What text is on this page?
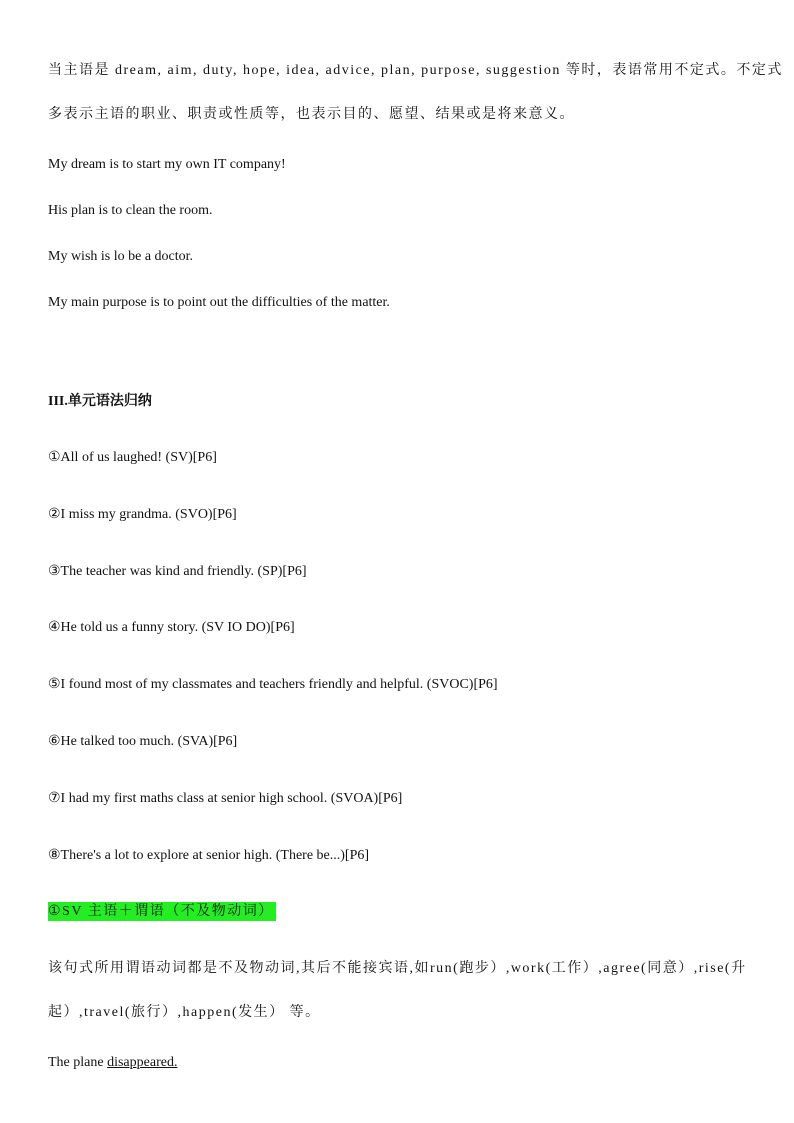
当主语是 dream, aim, duty, hope, idea, advice, plan, purpose, suggestion 等时，表语常用不定式。不定式
多表示主语的职业、职责或性质等，也表示目的、愿望、结果或是将来意义。
My dream is to start my own IT company!
His plan is to clean the room.
My wish is lo be a doctor.
My main purpose is to point out the difficulties of the matter.
III.单元语法归纳
①All of us laughed! (SV)[P6]
②I miss my grandma. (SVO)[P6]
③The teacher was kind and friendly. (SP)[P6]
④He told us a funny story. (SV IO DO)[P6]
⑤I found most of my classmates and teachers friendly and helpful. (SVOC)[P6]
⑥He talked too much. (SVA)[P6]
⑦I had my first maths class at senior high school. (SVOA)[P6]
⑧There's a lot to explore at senior high. (There be...)[P6]
①SV 主语＋谓语（不及物动词）
该句式所用谓语动词都是不及物动词,其后不能接宾语,如run(跑步）,work(工作）,agree(同意）,rise(升
起）,travel(旅行）,happen(发生） 等。
The plane disappeared.
